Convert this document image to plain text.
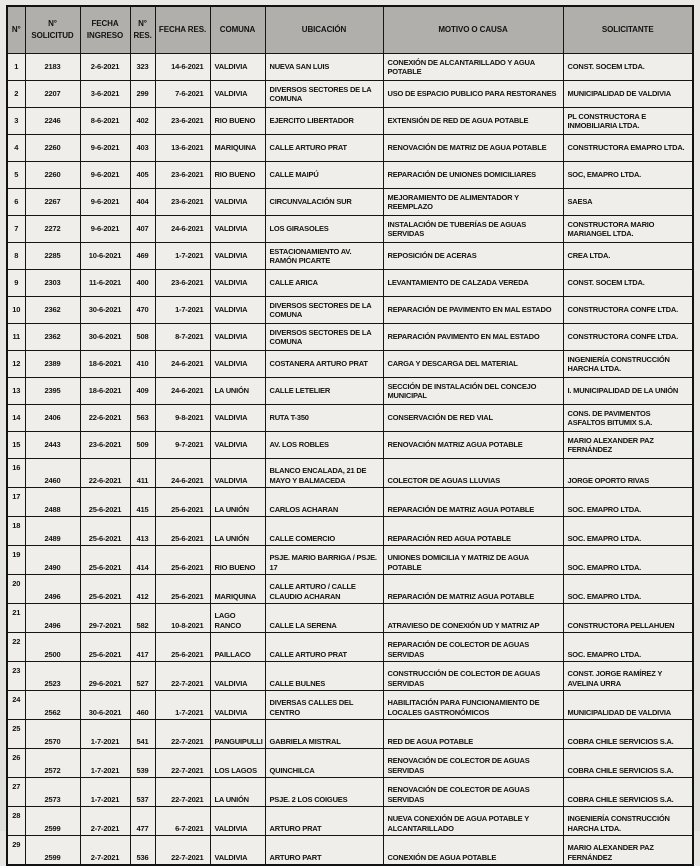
N°	N° SOLICITUD	FECHA INGRESO	N° RES.	FECHA RES.	COMUNA	UBICACIÓN	MOTIVO O CAUSA	SOLICITANTE
1	2183	2-6-2021	323	14-6-2021	VALDIVIA	NUEVA SAN LUIS	CONEXIÓN DE ALCANTARILLADO Y AGUA POTABLE	CONST. SOCEM LTDA.
2	2207	3-6-2021	299	7-6-2021	VALDIVIA	DIVERSOS SECTORES DE LA COMUNA	USO DE ESPACIO PUBLICO PARA RESTORANES	MUNICIPALIDAD DE VALDIVIA
3	2246	8-6-2021	402	23-6-2021	RIO BUENO	EJERCITO LIBERTADOR	EXTENSIÓN DE RED DE AGUA POTABLE	PL CONSTRUCTORA E INMOBILIARIA LTDA.
4	2260	9-6-2021	403	13-6-2021	MARIQUINA	CALLE ARTURO PRAT	RENOVACIÓN DE MATRIZ DE AGUA POTABLE	CONSTRUCTORA EMAPRO LTDA.
5	2260	9-6-2021	405	23-6-2021	RIO BUENO	CALLE MAIPÚ	REPARACIÓN DE UNIONES DOMICILIARES	SOC, EMAPRO LTDA.
6	2267	9-6-2021	404	23-6-2021	VALDIVIA	CIRCUNVALACIÓN SUR	MEJORAMIENTO DE ALIMENTADOR Y REEMPLAZO	SAESA
7	2272	9-6-2021	407	24-6-2021	VALDIVIA	LOS GIRASOLES	INSTALACIÓN DE TUBERÍAS DE AGUAS SERVIDAS	CONSTRUCTORA MARIO MARIANGEL LTDA.
8	2285	10-6-2021	469	1-7-2021	VALDIVIA	ESTACIONAMIENTO AV. RAMÓN PICARTE	REPOSICIÓN DE ACERAS	CREA LTDA.
9	2303	11-6-2021	400	23-6-2021	VALDIVIA	CALLE ARICA	LEVANTAMIENTO DE CALZADA VEREDA	CONST. SOCEM LTDA.
10	2362	30-6-2021	470	1-7-2021	VALDIVIA	DIVERSOS SECTORES DE LA COMUNA	REPARACIÓN DE PAVIMENTO EN MAL ESTADO	CONSTRUCTORA CONFE LTDA.
11	2362	30-6-2021	508	8-7-2021	VALDIVIA	DIVERSOS SECTORES DE LA COMUNA	REPARACIÓN PAVIMENTO EN MAL ESTADO	CONSTRUCTORA CONFE LTDA.
12	2389	18-6-2021	410	24-6-2021	VALDIVIA	COSTANERA ARTURO PRAT	CARGA Y DESCARGA DEL MATERIAL	INGENIERÍA CONSTRUCCIÓN HARCHA LTDA.
13	2395	18-6-2021	409	24-6-2021	LA UNIÓN	CALLE LETELIER	SECCIÓN DE INSTALACIÓN DEL CONCEJO MUNICIPAL	I. MUNICIPALIDAD DE LA UNIÓN
14	2406	22-6-2021	563	9-8-2021	VALDIVIA	RUTA T-350	CONSERVACIÓN DE RED VIAL	CONS. DE PAVIMENTOS ASFALTOS BITUMIX S.A.
15	2443	23-6-2021	509	9-7-2021	VALDIVIA	AV. LOS ROBLES	RENOVACIÓN MATRIZ AGUA POTABLE	MARIO ALEXANDER PAZ FERNÁNDEZ
16	2460	22-6-2021	411	24-6-2021	VALDIVIA	BLANCO ENCALADA, 21 DE MAYO Y BALMACEDA	COLECTOR DE AGUAS LLUVIAS	JORGE OPORTO RIVAS
17	2488	25-6-2021	415	25-6-2021	LA UNIÓN	CARLOS ACHARAN	REPARACIÓN DE MATRIZ AGUA POTABLE	SOC. EMAPRO LTDA.
18	2489	25-6-2021	413	25-6-2021	LA UNIÓN	CALLE COMERCIO	REPARACIÓN RED AGUA POTABLE	SOC. EMAPRO LTDA.
19	2490	25-6-2021	414	25-6-2021	RIO BUENO	PSJE. MARIO BARRIGA / PSJE. 17	UNIONES DOMICILIA Y MATRIZ DE AGUA POTABLE	SOC. EMAPRO LTDA.
20	2496	25-6-2021	412	25-6-2021	MARIQUINA	CALLE ARTURO / CALLE CLAUDIO ACHARAN	REPARACIÓN DE MATRIZ AGUA POTABLE	SOC. EMAPRO LTDA.
21	2496	29-7-2021	582	10-8-2021	LAGO RANCO	CALLE LA SERENA	ATRAVIESO DE CONEXIÓN UD Y MATRIZ AP	CONSTRUCTORA PELLAHUEN
22	2500	25-6-2021	417	25-6-2021	PAILLACO	CALLE ARTURO PRAT	REPARACIÓN DE COLECTOR DE AGUAS SERVIDAS	SOC. EMAPRO LTDA.
23	2523	29-6-2021	527	22-7-2021	VALDIVIA	CALLE BULNES	CONSTRUCCIÓN DE COLECTOR DE AGUAS SERVIDAS	CONST. JORGE RAMÍREZ Y AVELINA URRA
24	2562	30-6-2021	460	1-7-2021	VALDIVIA	DIVERSAS CALLES DEL CENTRO	HABILITACIÓN PARA FUNCIONAMIENTO DE LOCALES GASTRONÓMICOS	MUNICIPALIDAD DE VALDIVIA
25	2570	1-7-2021	541	22-7-2021	PANGUIPULLI	GABRIELA MISTRAL	RED DE AGUA POTABLE	COBRA CHILE SERVICIOS S.A.
26	2572	1-7-2021	539	22-7-2021	LOS LAGOS	QUINCHILCA	RENOVACIÓN DE COLECTOR DE AGUAS SERVIDAS	COBRA CHILE SERVICIOS S.A.
27	2573	1-7-2021	537	22-7-2021	LA UNIÓN	PSJE. 2 LOS COIGUES	RENOVACIÓN DE COLECTOR DE AGUAS SERVIDAS	COBRA CHILE SERVICIOS S.A.
28	2599	2-7-2021	477	6-7-2021	VALDIVIA	ARTURO PRAT	NUEVA CONEXIÓN DE AGUA POTABLE Y ALCANTARILLADO	INGENIERÍA CONSTRUCCIÓN HARCHA LTDA.
29	2599	2-7-2021	536	22-7-2021	VALDIVIA	ARTURO PART	CONEXIÓN DE AGUA POTABLE	MARIO ALEXANDER PAZ FERNÁNDEZ
